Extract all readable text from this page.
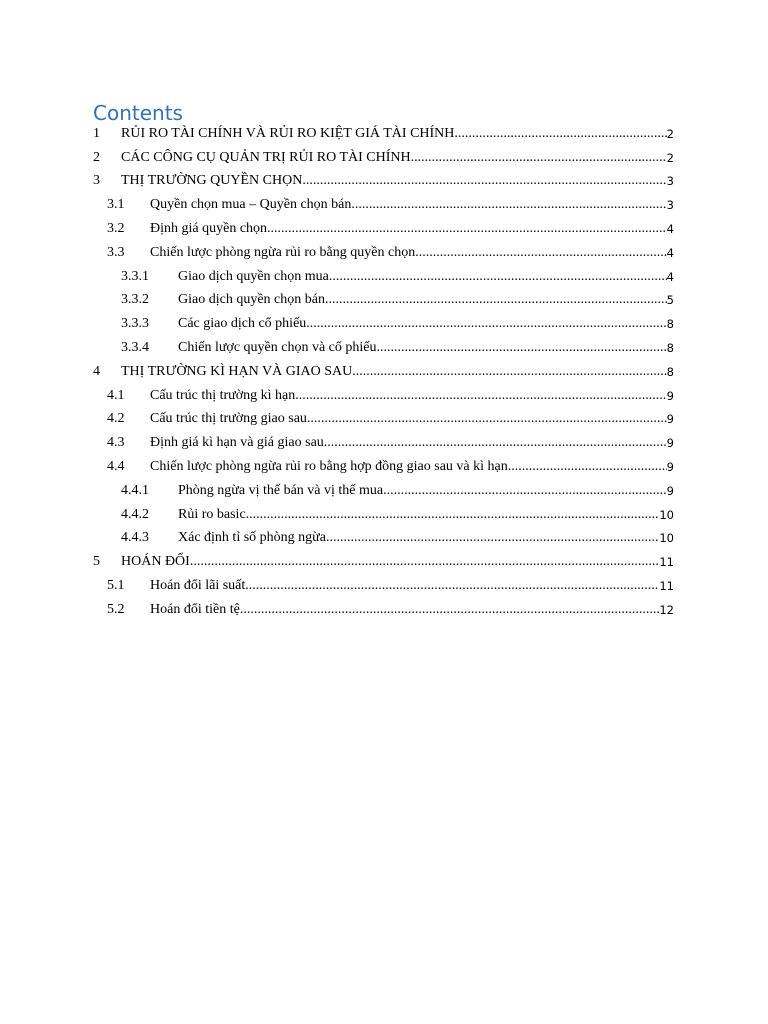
Contents
1 RỦI RO TÀI CHÍNH VÀ RỦI RO KIỆT GIÁ TÀI CHÍNH .....	2
2 CÁC CÔNG CỤ QUẢN TRỊ RỦI RO TÀI CHÍNH .....	2
3 THỊ TRƯỜNG QUYỀN CHỌN .....	3
3.1 Quyền chọn mua – Quyền chọn bán .....	3
3.2 Định giá quyền chọn .....	4
3.3 Chiến lược phòng ngừa rủi ro bằng quyền chọn .....	4
3.3.1 Giao dịch quyền chọn mua .....	4
3.3.2 Giao dịch quyền chọn bán .....	5
3.3.3 Các giao dịch cổ phiếu .....	8
3.3.4 Chiến lược quyền chọn và cổ phiếu .....	8
4 THỊ TRƯỜNG KÌ HẠN VÀ GIAO SAU .....	8
4.1 Cấu trúc thị trường kì hạn .....	9
4.2 Cấu trúc thị trường giao sau .....	9
4.3 Định giá kì hạn và giá giao sau .....	9
4.4 Chiến lược phòng ngừa rủi ro bằng hợp đồng giao sau và kì hạn .....	9
4.4.1 Phòng ngừa vị thế bán và vị thế mua .....	9
4.4.2 Rủi ro basic .....	10
4.4.3 Xác định tỉ số phòng ngừa .....	10
5 HOÁN ĐỔI .....	11
5.1 Hoán đổi lãi suất .....	11
5.2 Hoán đổi tiền tệ .....	12
